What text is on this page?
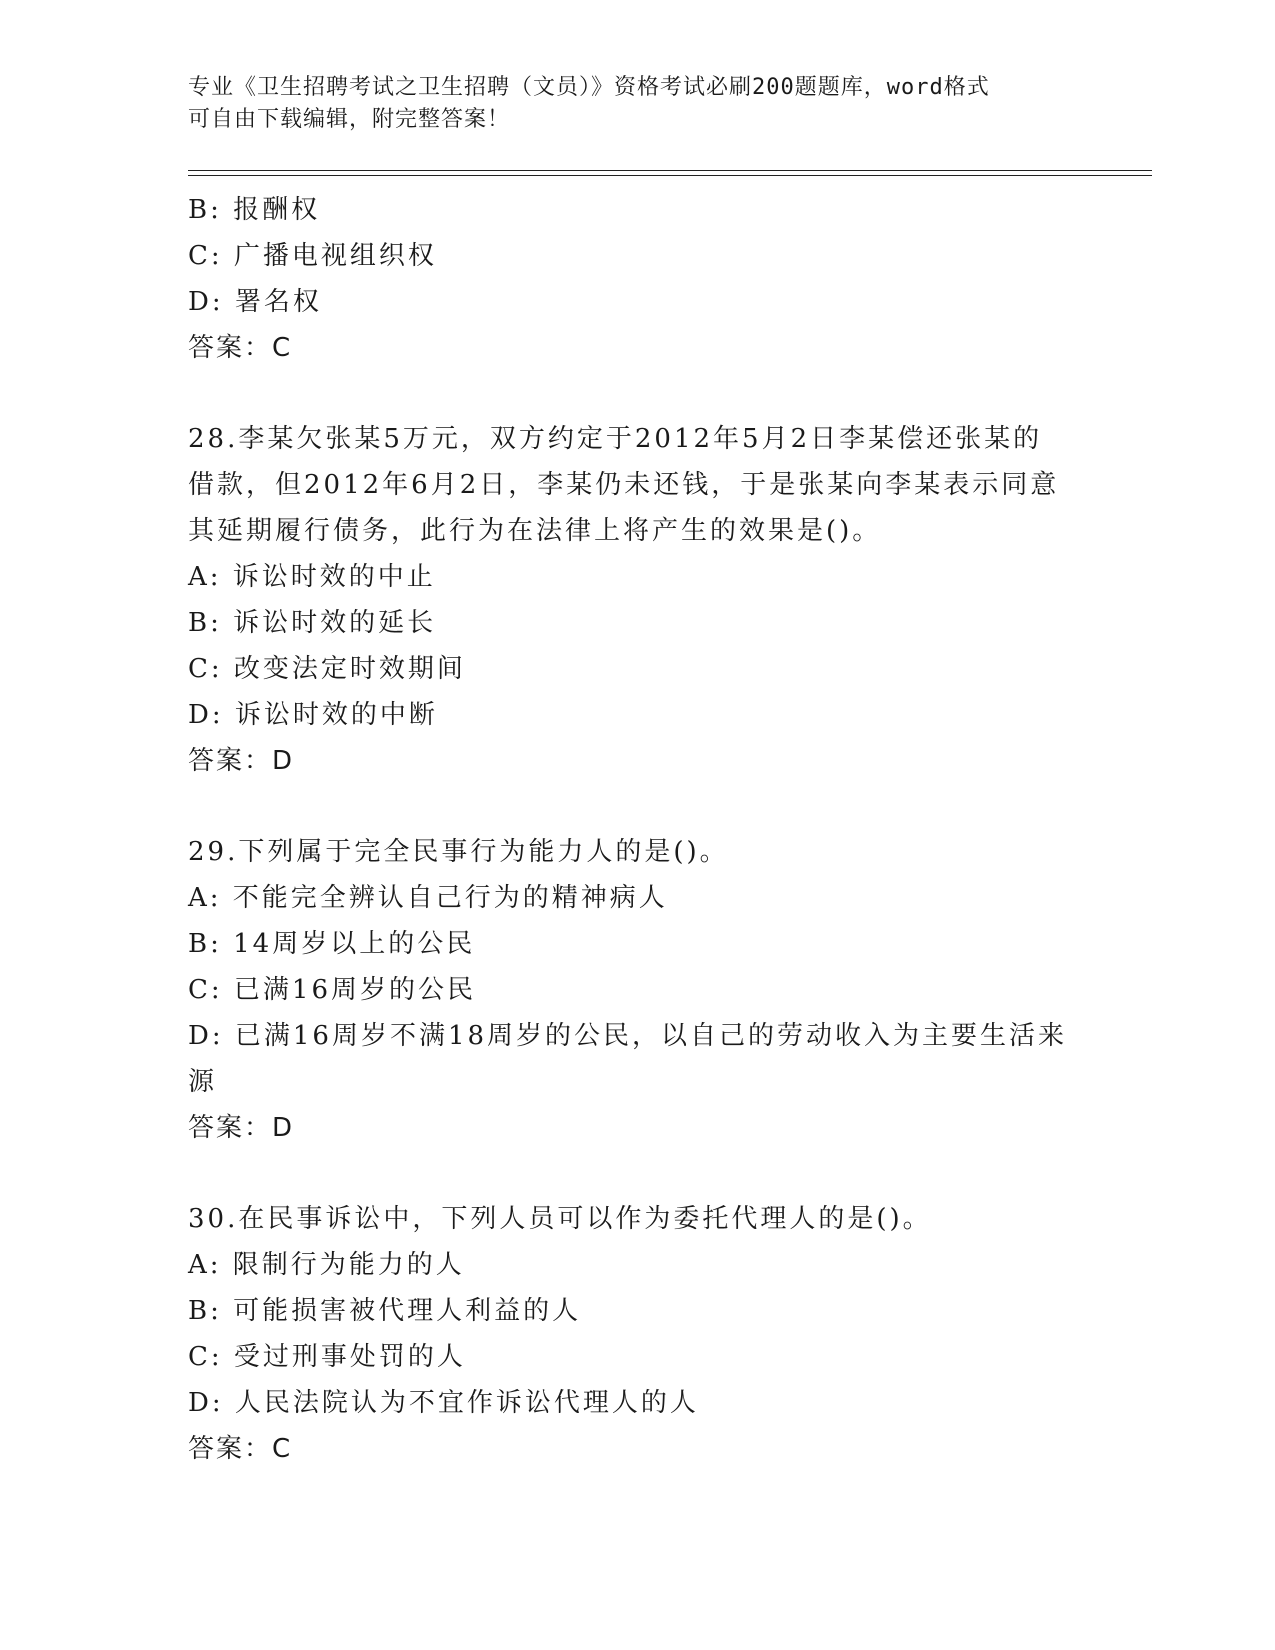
专业《卫生招聘考试之卫生招聘（文员）》资格考试必刷200题题库，word格式
可自由下载编辑，附完整答案！
B: 报酬权
C: 广播电视组织权
D: 署名权
答案：C
28.李某欠张某5万元，双方约定于2012年5月2日李某偿还张某的
借款，但2012年6月2日，李某仍未还钱，于是张某向李某表示同意
其延期履行债务，此行为在法律上将产生的效果是()。
A: 诉讼时效的中止
B: 诉讼时效的延长
C: 改变法定时效期间
D: 诉讼时效的中断
答案：D
29.下列属于完全民事行为能力人的是()。
A: 不能完全辨认自己行为的精神病人
B: 14周岁以上的公民
C: 已满16周岁的公民
D: 已满16周岁不满18周岁的公民，以自己的劳动收入为主要生活来
源
答案：D
30.在民事诉讼中，下列人员可以作为委托代理人的是()。
A: 限制行为能力的人
B: 可能损害被代理人利益的人
C: 受过刑事处罚的人
D: 人民法院认为不宜作诉讼代理人的人
答案：C
